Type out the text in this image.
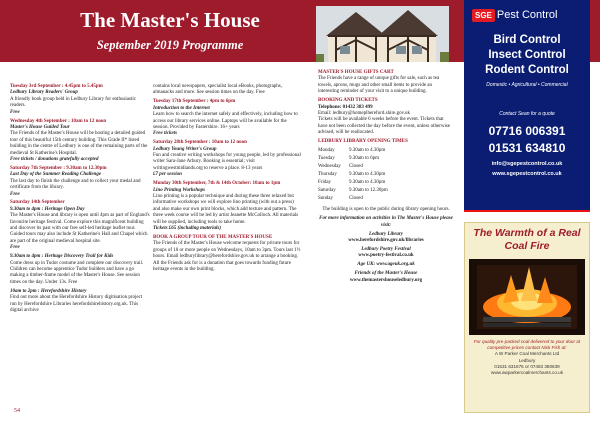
The Master's House
September 2019 Programme

Tuesday 3rd September : 4.45pm to 5.45pm
Ledbury Library Readers' Group
A friendly book group held in Ledbury Library for enthusiastic readers.
Free

Wednesday 4th September : 10am to 12 noon
Master's House Guided Tour
The Friends of the Master's House will be hosting a detailed guided tour of this beautiful 15th century building. This Grade II* listed building in the centre of Ledbury is one of the remaining parts of the medieval St Katherine's Hospital.
Free tickets / donations gratefully accepted

Saturday 7th September : 9.30am to 12.30pm
Last Day of the Summer Reading Challenge
The last day to finish the challenge and to collect your medal and certificate from the library.
Free

Saturday 14th September
9.30am to 4pm : Heritage Open Day
The Master's House and library is open until 4pm as part of England's favourite heritage festival. Come explore this magnificent building and discover its past with our free self-led heritage leaflet tour. Guided tours may also include St Katherine's Hall and Chapel which are part of the original medieval hospital site.
Free

9.30am to 4pm : Heritage Discovery Trail for Kids
Come dress up in Tudor costume and complete our discovery trail. Children can become apprentice Tudor builders and have a go making a timber-frame model of the Master's House. See session times on the day. Under 13s. Free

10am to 2pm : Herefordshire History
Find out more about the Herefordshire History digitisation project run by Herefordshire Libraries herefordshirehistory.org.uk. This digital archive

contains local newspapers, specialist local eBooks, photographs, almanacks and more. See session times on the day. Free

Tuesday 17th September : 4pm to 6pm
Introduction to the Internet
Learn how to search the internet safely and effectively, including how to access our library services online. Laptops will be available for the session. Provided by Fastershire. 16+ years
Free tickets

Saturday 28th September : 10am to 12 noon
Ledbury Young Writer's Group
Fun and creative writing workshops for young people, led by professional writer Sara-Jane Arbury. Booking is essential; visit writingwestmidlands.org to reserve a place. 8-13 years
£7 per session

Monday 30th September, 7th & 14th October: 10am to 1pm
Lino Printing Workshops
Lino printing is a popular technique and during these three relaxed but informative workshops we will explore lino printing (with out a press) and also make our own print blocks, which add texture and pattern. The three week course will be led by artist Jeanette McColloch. All materials will be supplied, including tools to take home.
Tickets £65 (including materials)

BOOK A GROUP TOUR OF THE MASTER'S HOUSE
The Friends of the Master's House welcome requests for private tours for groups of 10 or more people on Wednesdays, 10am to 3pm. Tours last 1½ hours. Email ledburylibrary@herefordshire.gov.uk to arrange a booking. All the Friends ask for is a donation that goes towards funding future heritage events in the building.

MASTER'S HOUSE GIFTS CART
The Friends have a range of unique gifts for sale, such as tea towels, aprons, mugs and other small items to provide an interesting reminder of your visit to a unique building.

BOOKING AND TICKETS
Telephone: 01432 383 499
Email: ledbury@homeplhereford.shire.gov.uk
Tickets will be available 6 weeks before the event. Tickets that have not been collected the day before the event, unless otherwise advised, will be reallocated.

LEDBURY LIBRARY OPENING TIMES

Monday	9.30am to 4.30pm
Tuesday	9.30am to 6pm
Wednesday	Closed
Thursday	9.30am to 4.30pm
Friday	9.30am to 4.30pm
Saturday	9.30am to 12.30pm
Sunday	Closed

The building is open to the public during library opening hours.

For more information on activities in The Master's House please visit:

Ledbury Library
www.herefordshire.gov.uk/libraries

Ledbury Poetry Festival
www.poetry-festival.co.uk

Age UK: www.ageuk.org.uk

Friends of the Master's House
www.themastershouseledbury.org

54
SGE Pest Control
Bird Control
Insect Control
Rodent Control
Domestic • Agricultural • Commercial
Contact Sean for a quote
07716 006391
01531 634810
info@sgepestcontrol.co.uk
www.sgepestcontrol.co.uk
The Warmth of a Real Coal Fire
For quality pre-packed coal delivered to your door at competitive prices contact Nick Fish at:
A W Parker Coal Merchants Ltd
Ledbury
01531 631675 or 07483 350639
www.awparkercoalmerchants.co.uk
